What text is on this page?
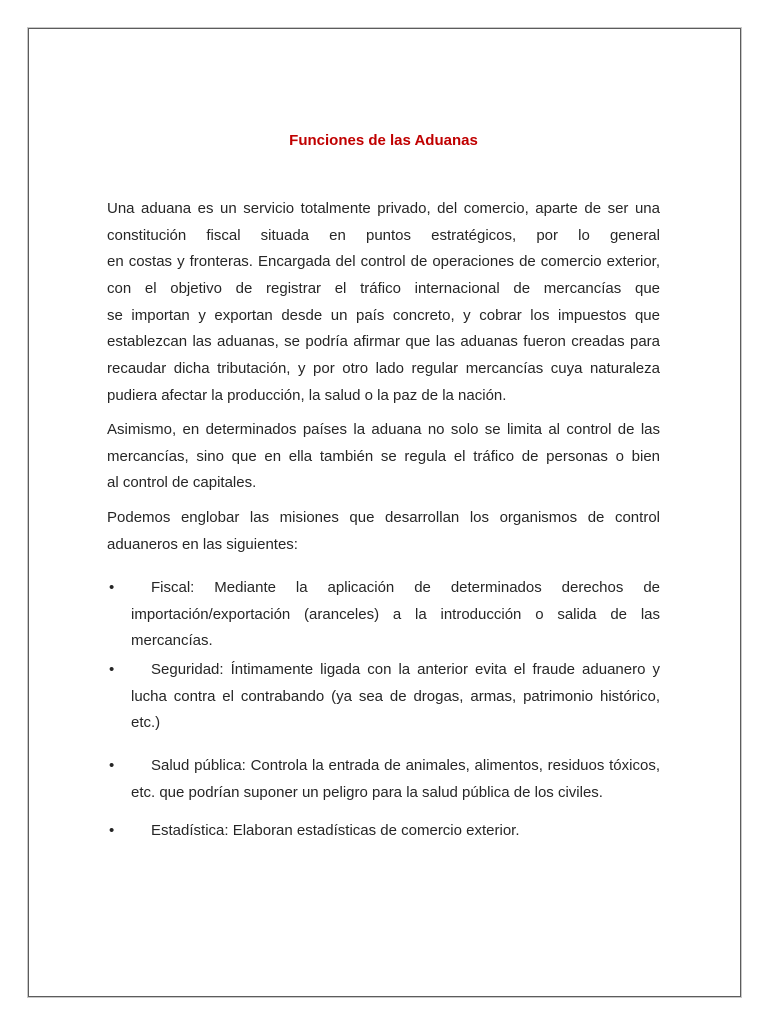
Funciones de las Aduanas
Una aduana es un servicio totalmente privado, del comercio, aparte de ser una
constitución fiscal situada en puntos estratégicos, por lo general
en costas y fronteras. Encargada del control de operaciones de comercio exterior,
con el objetivo de registrar el tráfico internacional de mercancías que
se importan y exportan desde un país concreto, y cobrar los impuestos que
establezcan las aduanas, se podría afirmar que las aduanas fueron creadas para
recaudar dicha tributación, y por otro lado regular mercancías cuya naturaleza
pudiera afectar la producción, la salud o la paz de la nación.
Asimismo, en determinados países la aduana no solo se limita al control de las
mercancías, sino que en ella también se regula el tráfico de personas o bien
al control de capitales.
Podemos englobar las misiones que desarrollan los organismos de control
aduaneros en las siguientes:
•	Fiscal: Mediante la aplicación de determinados derechos de
importación/exportación (aranceles) a la introducción o salida de las
mercancías.
•	Seguridad: Íntimamente ligada con la anterior evita el fraude aduanero y
lucha contra el contrabando (ya sea de drogas, armas, patrimonio histórico,
etc.)
•	Salud pública: Controla la entrada de animales, alimentos, residuos tóxicos,
etc. que podrían suponer un peligro para la salud pública de los civiles.
•	Estadística: Elaboran estadísticas de comercio exterior.
